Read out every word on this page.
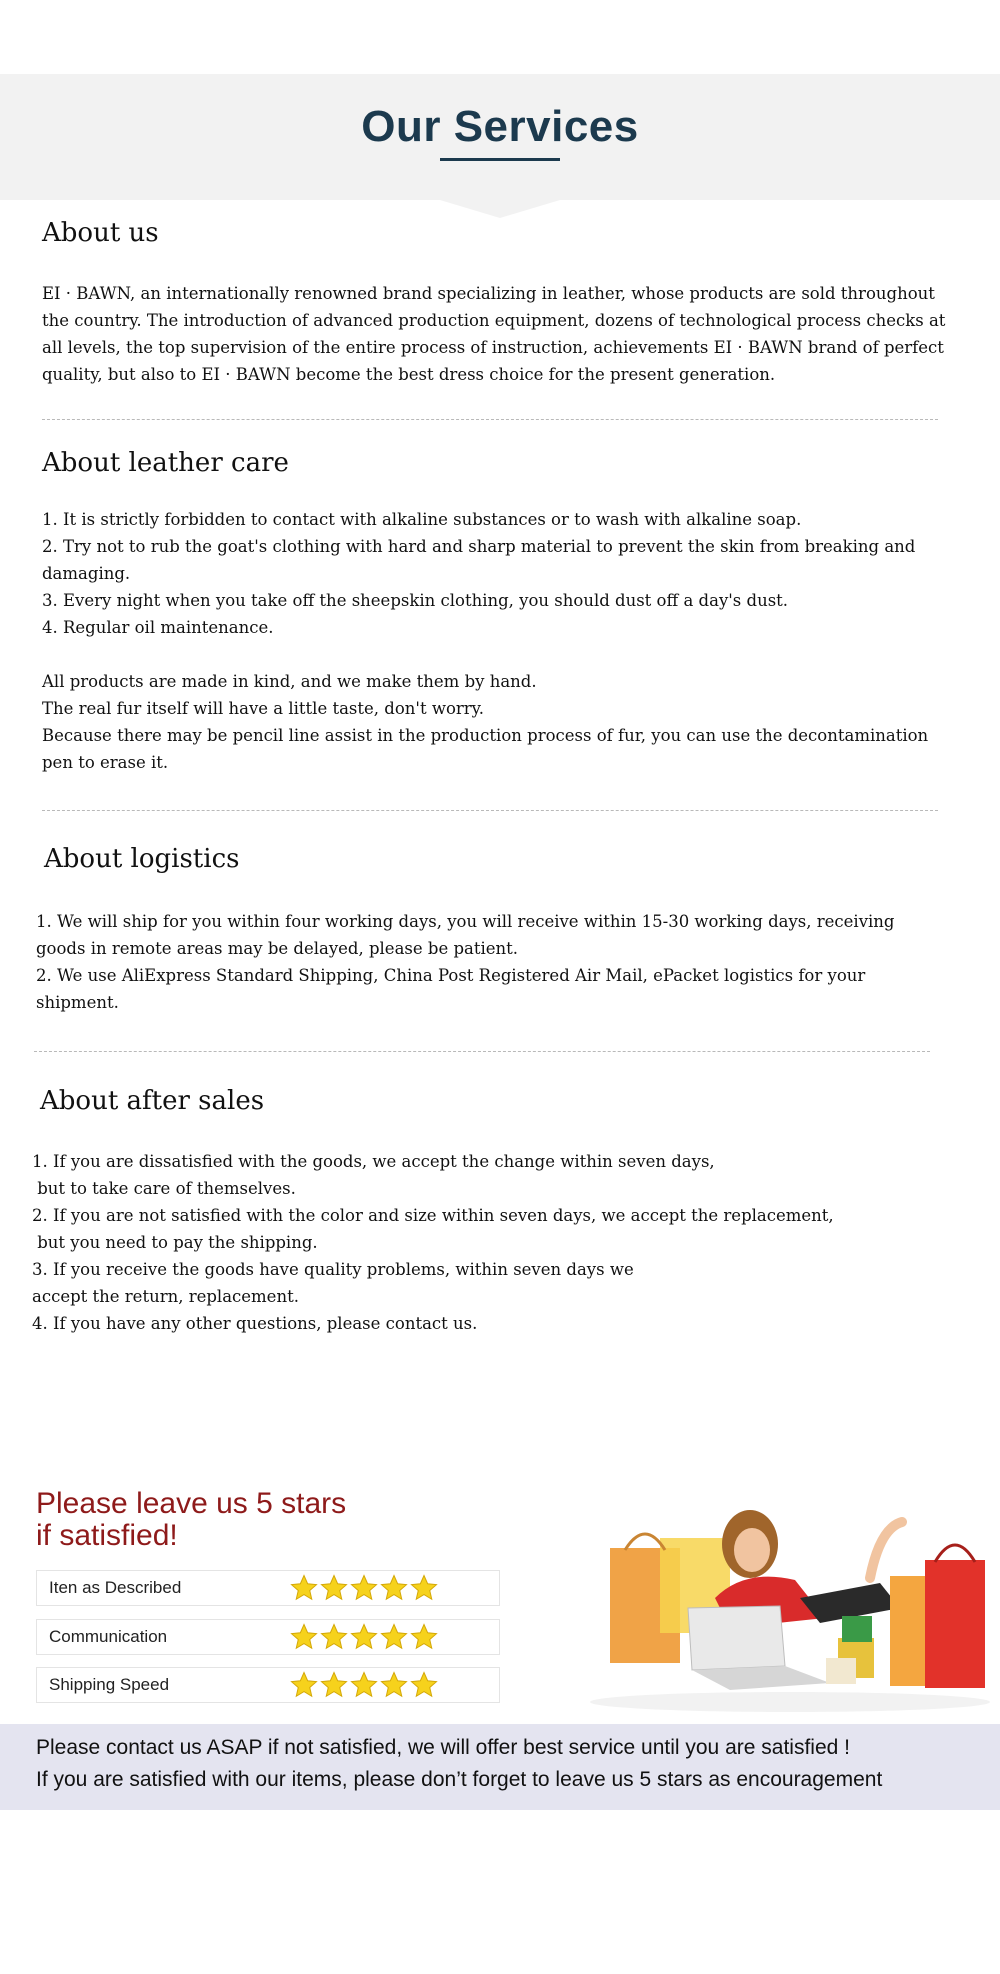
Our Services
About us

EI · BAWN, an internationally renowned brand specializing in leather, whose products are sold throughout

the country. The introduction of advanced production equipment, dozens of technological process checks at

all levels, the top supervision of the entire process of instruction, achievements EI · BAWN brand of perfect

quality, but also to EI · BAWN become the best dress choice for the present generation.

About leather care

1. It is strictly forbidden to contact with alkaline substances or to wash with alkaline soap.

2. Try not to rub the goat's clothing with hard and sharp material to prevent the skin from breaking and

damaging.

3. Every night when you take off the sheepskin clothing, you should dust off a day's dust.

4. Regular oil maintenance.

All products are made in kind, and we make them by hand.

The real fur itself will have a little taste, don't worry.

Because there may be pencil line assist in the production process of fur, you can use the decontamination

pen to erase it.

About logistics

1. We will ship for you within four working days, you will receive within 15-30 working days, receiving

goods in remote areas may be delayed, please be patient.

2. We use AliExpress Standard Shipping, China Post Registered Air Mail, ePacket logistics for your

shipment.

About after sales

1. If you are dissatisfied with the goods, we accept the change within seven days,

but to take care of themselves.

2. If you are not satisfied with the color and size within seven days, we accept the replacement,

but you need to pay the shipping.

3. If you receive the goods have quality problems, within seven days we

accept the return, replacement.

4. If you have any other questions, please contact us.

Please leave us 5 stars
if satisfied!
Iten as Described
Communication
Shipping Speed
Please contact us ASAP if not satisfied, we will offer best service until you are satisfied !
If you are satisfied with our items, please don’t forget to leave us 5 stars as encouragement
